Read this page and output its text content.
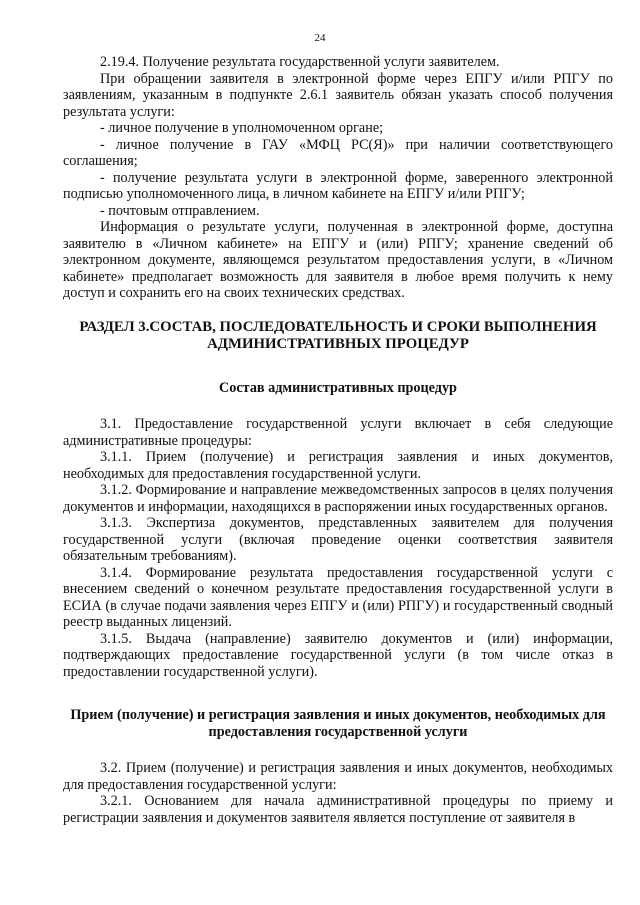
24

2.19.4. Получение результата государственной услуги заявителем.

При обращении заявителя в электронной форме через ЕПГУ и/или РПГУ по заявлениям, указанным в подпункте 2.6.1 заявитель обязан указать способ получения результата услуги:

- личное получение в уполномоченном органе;

- личное получение в ГАУ «МФЦ РС(Я)» при наличии соответствующего соглашения;

- получение результата услуги в электронной форме, заверенного электронной подписью уполномоченного лица, в личном кабинете на ЕПГУ и/или РПГУ;

- почтовым отправлением.

Информация о результате услуги, полученная в электронной форме, доступна заявителю в «Личном кабинете» на ЕПГУ и (или) РПГУ; хранение сведений об электронном документе, являющемся результатом предоставления услуги, в «Личном кабинете» предполагает возможность для заявителя в любое время получить к нему доступ и сохранить его на своих технических средствах.

РАЗДЕЛ 3.СОСТАВ, ПОСЛЕДОВАТЕЛЬНОСТЬ И СРОКИ ВЫПОЛНЕНИЯ АДМИНИСТРАТИВНЫХ ПРОЦЕДУР

Состав административных процедур

3.1. Предоставление государственной услуги включает в себя следующие административные процедуры:

3.1.1. Прием (получение) и регистрация заявления и иных документов, необходимых для предоставления государственной услуги.

3.1.2. Формирование и направление межведомственных запросов в целях получения документов и информации, находящихся в распоряжении иных государственных органов.

3.1.3. Экспертиза документов, представленных заявителем для получения государственной услуги (включая проведение оценки соответствия заявителя обязательным требованиям).

3.1.4. Формирование результата предоставления государственной услуги с внесением сведений о конечном результате предоставления государственной услуги в ЕСИА (в случае подачи заявления через ЕПГУ и (или) РПГУ) и государственный сводный реестр выданных лицензий.

3.1.5. Выдача (направление) заявителю документов и (или) информации, подтверждающих предоставление государственной услуги (в том числе отказ в предоставлении государственной услуги).

Прием (получение) и регистрация заявления и иных документов, необходимых для предоставления государственной услуги

3.2. Прием (получение) и регистрация заявления и иных документов, необходимых для предоставления государственной услуги:

3.2.1. Основанием для начала административной процедуры по приему и регистрации заявления и документов заявителя является поступление от заявителя в
